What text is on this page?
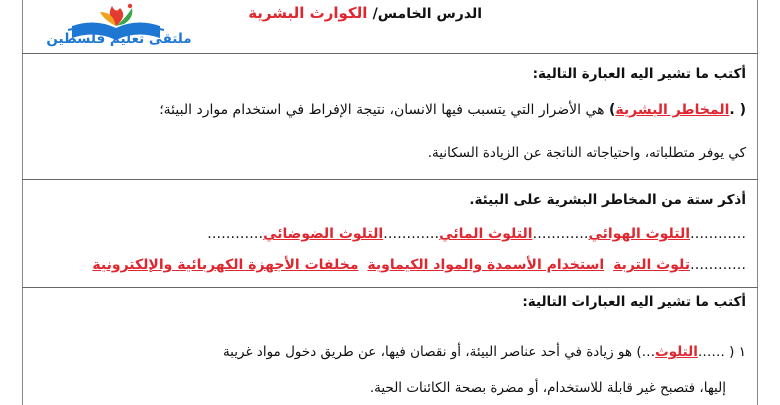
ملتقى تعليم فلسطين
الدرس الخامس/ الكوارث البشرية
أكتب ما تشير اليه العبارة التالية:
( .المخاطر البشرية) هي الأضرار التي يتسبب فيها الانسان، نتيجة الإفراط في استخدام موارد البيئة؛
كي يوفر متطلباته، واحتياجاته الناتجة عن الزيادة السكانية.
أذكر ستة من المخاطر البشرية على البيئة.
…………التلوث الهوائي…………التلوث المائي…………التلوث الضوضائي…………
…………تلوث التربة  استخدام الأسمدة والمواد الكيماوية  مخلفات الأجهزة الكهربائية والإلكترونية
أكتب ما تشير اليه العبارات التالية:
١ ( ……التلوث…) هو زيادة في أحد عناصر البيئة، أو نقصان فيها، عن طريق دخول مواد غريبة
إليها، فتصبح غير قابلة للاستخدام، أو مضرة بصحة الكائنات الحية.
